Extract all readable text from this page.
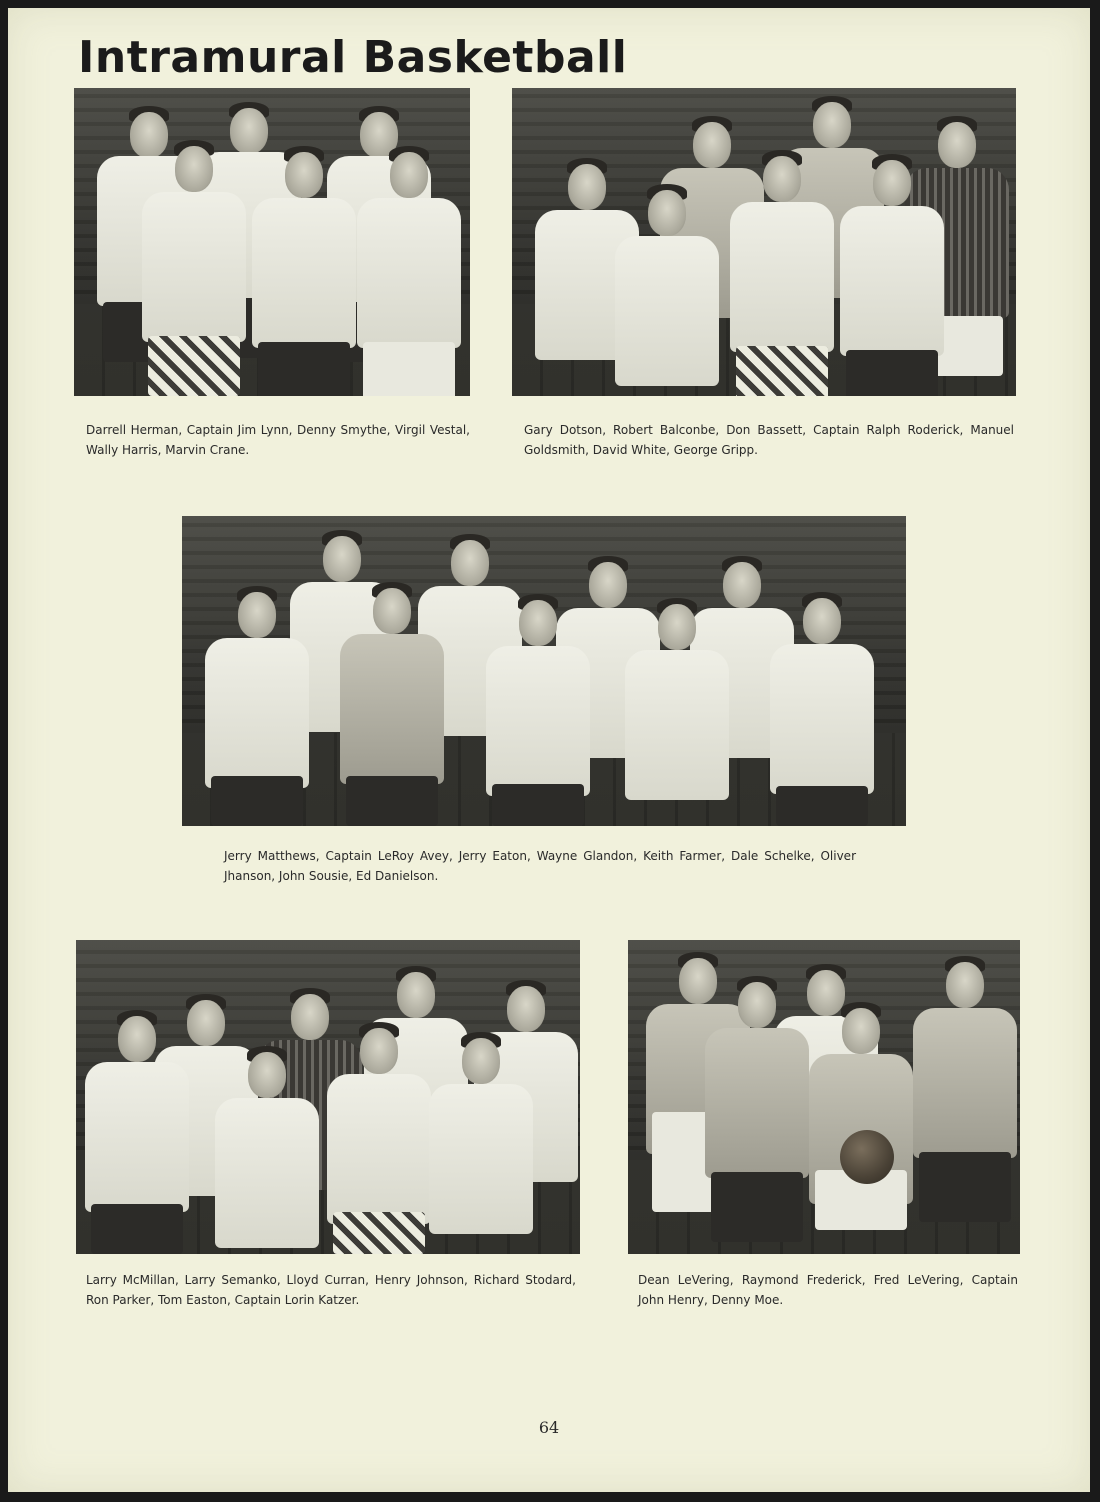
Intramural Basketball
Darrell Herman, Captain Jim Lynn, Denny Smythe, Virgil Vestal, Wally Harris, Marvin Crane.
Gary Dotson, Robert Balconbe, Don Bassett, Captain Ralph Roderick, Manuel Goldsmith, David White, George Gripp.
Jerry Matthews, Captain LeRoy Avey, Jerry Eaton, Wayne Glandon, Keith Farmer, Dale Schelke, Oliver Jhanson, John Sousie, Ed Danielson.
Larry McMillan, Larry Semanko, Lloyd Curran, Henry Johnson, Richard Stodard, Ron Parker, Tom Easton, Captain Lorin Katzer.
Dean LeVering, Raymond Frederick, Fred LeVering, Captain John Henry, Denny Moe.
64
